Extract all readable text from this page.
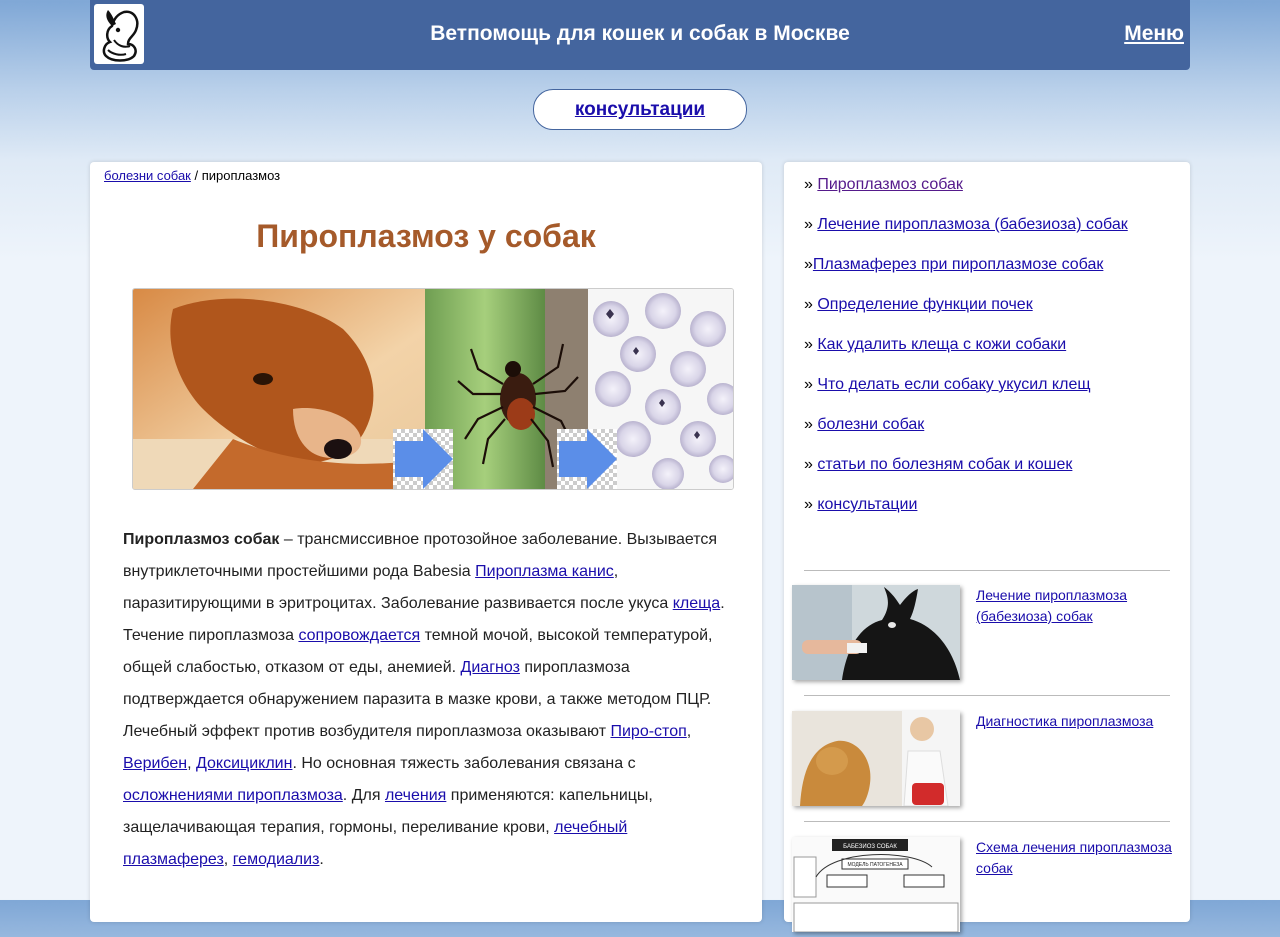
Ветпомощь для кошек и собак в Москве	Меню
консультации
болезни собак / пироплазмоз
Пироплазмоз у собак
Пироплазмоз собак – трансмиссивное протозойное заболевание. Вызывается внутриклеточными простейшими рода Babesia Пироплазма канис, паразитирующими в эритроцитах. Заболевание развивается после укуса клеща. Течение пироплазмоза сопровождается темной мочой, высокой температурой, общей слабостью, отказом от еды, анемией. Диагноз пироплазмоза подтверждается обнаружением паразита в мазке крови, а также методом ПЦР. Лечебный эффект против возбудителя пироплазмоза оказывают Пиро-стоп, Верибен, Доксициклин. Но основная тяжесть заболевания связана с осложнениями пироплазмоза. Для лечения применяются: капельницы, защелачивающая терапия, гормоны, переливание крови, лечебный плазмаферез, гемодиализ.
» Пироплазмоз собак
» Лечение пироплазмоза (бабезиоза) собак
»Плазмаферез при пироплазмозе собак
» Определение функции почек
» Как удалить клеща с кожи собаки
» Что делать если собаку укусил клещ
» болезни собак
» статьи по болезням собак и кошек
» консультации
Лечение пироплазмоза (бабезиоза) собак
Диагностика пироплазмоза
БАБЕЗИОЗ СОБАК
МОДЕЛЬ ПАТОГЕНЕЗА
Схема лечения пироплазмоза собак
